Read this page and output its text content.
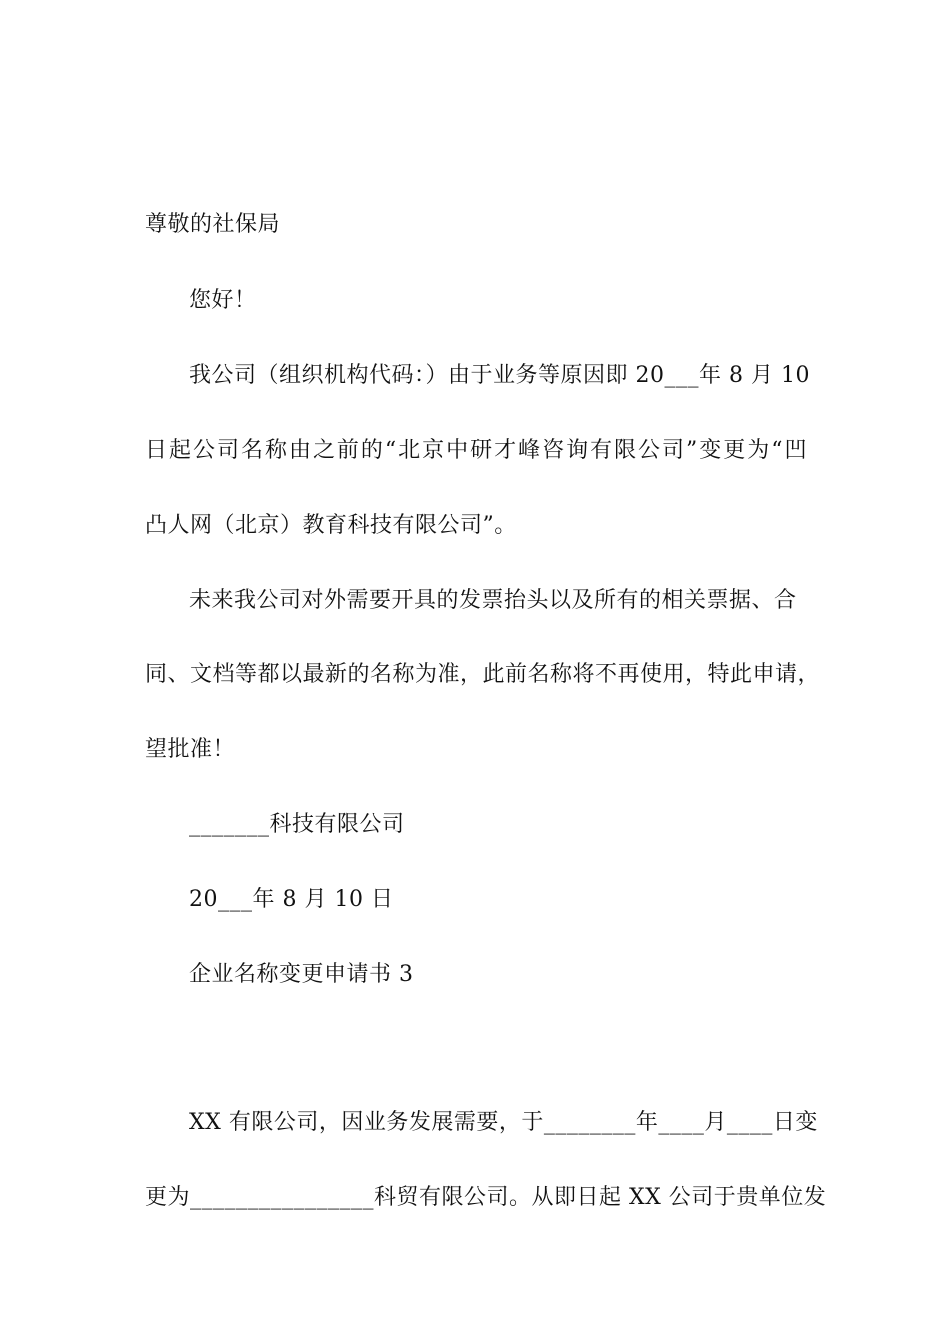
尊敬的社保局
您好！
我公司（组织机构代码：）由于业务等原因即 20___年 8 月 10
日起公司名称由之前的“北京中研才峰咨询有限公司”变更为“凹
凸人网（北京）教育科技有限公司”。
未来我公司对外需要开具的发票抬头以及所有的相关票据、合
同、文档等都以最新的名称为准，此前名称将不再使用，特此申请，
望批准！
_______科技有限公司
20___年 8 月 10 日
企业名称变更申请书 3
XX 有限公司，因业务发展需要，于________年____月____日变
更为________________科贸有限公司。从即日起 XX 公司于贵单位发
